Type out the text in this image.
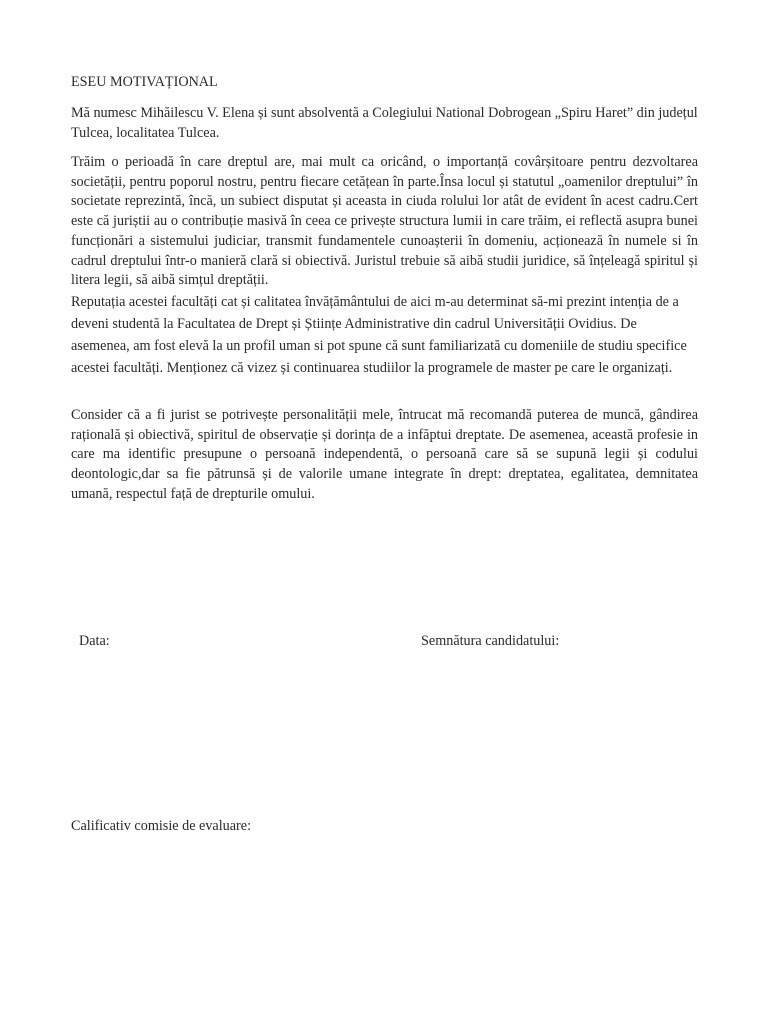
ESEU MOTIVAȚIONAL

Mă numesc Mihăilescu V. Elena și sunt absolventă a Colegiului National Dobrogean „Spiru Haret” din județul Tulcea, localitatea Tulcea.

Trăim o perioadă în care dreptul are, mai mult ca oricând, o importanță covârșitoare pentru dezvoltarea societății, pentru poporul nostru, pentru fiecare cetățean în parte.Însa locul și statutul „oamenilor dreptului” în societate reprezintă, încă, un subiect disputat și aceasta in ciuda rolului lor atât de evident în acest cadru.Cert este că juriștii au o contribuție masivă în ceea ce privește structura lumii in care trăim, ei reflectă asupra bunei funcționări a sistemului judiciar, transmit fundamentele cunoașterii în domeniu, acționează în numele si în cadrul dreptului într-o manieră clară si obiectivă. Juristul trebuie să aibă studii juridice, să înțeleagă spiritul și litera legii, să aibă simțul dreptății.

Reputația acestei facultăți cat și calitatea învățământului de aici m-au determinat să-mi prezint intenția de a deveni studentă la Facultatea de Drept și Științe Administrative din cadrul Universității Ovidius. De asemenea, am fost elevă la un profil uman si pot spune că sunt familiarizată cu domeniile de studiu specifice acestei facultăți. Menționez că vizez și continuarea studiilor la programele de master pe care le organizați.

Consider că a fi jurist se potrivește personalității mele, întrucat mă recomandă puterea de muncă, gândirea rațională și obiectivă, spiritul de observație și dorința de a infăptui dreptate. De asemenea, această profesie in care ma identific presupune o persoană independentă, o persoană care să se supună legii și codului deontologic,dar sa fie pătrunsă și de valorile umane integrate în drept: dreptatea, egalitatea, demnitatea umană, respectul față de drepturile omului.

Data:	Semnătura candidatului:
Calificativ comisie de evaluare:
